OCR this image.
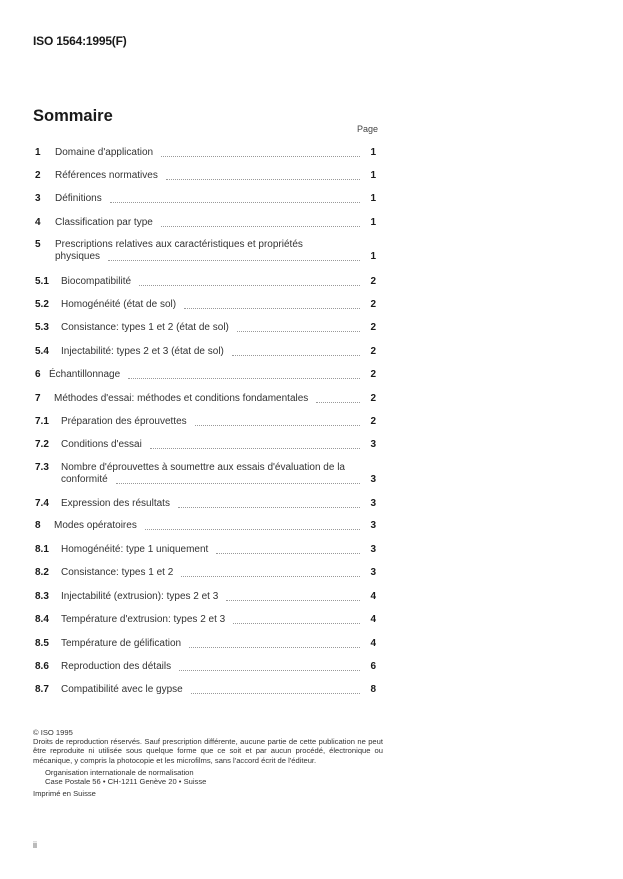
ISO 1564:1995(F)
Sommaire
Page
1	Domaine d'application	1
2	Références normatives	1
3	Définitions	1
4	Classification par type	1
5	Prescriptions relatives aux caractéristiques et propriétés
physiques	1
5.1	Biocompatibilité	2
5.2	Homogénéité (état de sol)	2
5.3	Consistance: types 1 et 2 (état de sol)	2
5.4	Injectabilité: types 2 et 3 (état de sol)	2
6 Échantillonnage	2
7	Méthodes d'essai: méthodes et conditions fondamentales	2
7.1	Préparation des éprouvettes	2
7.2	Conditions d'essai	3
7.3	Nombre d'éprouvettes à soumettre aux essais d'évaluation de la
conformité	3
7.4	Expression des résultats	3
8	Modes opératoires	3
8.1	Homogénéité: type 1 uniquement	3
8.2	Consistance: types 1 et 2	3
8.3	Injectabilité (extrusion): types 2 et 3	4
8.4	Température d'extrusion: types 2 et 3	4
8.5	Température de gélification	4
8.6	Reproduction des détails	6
8.7	Compatibilité avec le gypse	8
© ISO 1995
Droits de reproduction réservés. Sauf prescription différente, aucune partie de cette publication ne peut être reproduite ni utilisée sous quelque forme que ce soit et par aucun procédé, électronique ou mécanique, y compris la photocopie et les microfilms, sans l'accord écrit de l'éditeur.
Organisation internationale de normalisation
Case Postale 56 • CH-1211 Genève 20 • Suisse
Imprimé en Suisse
ii
